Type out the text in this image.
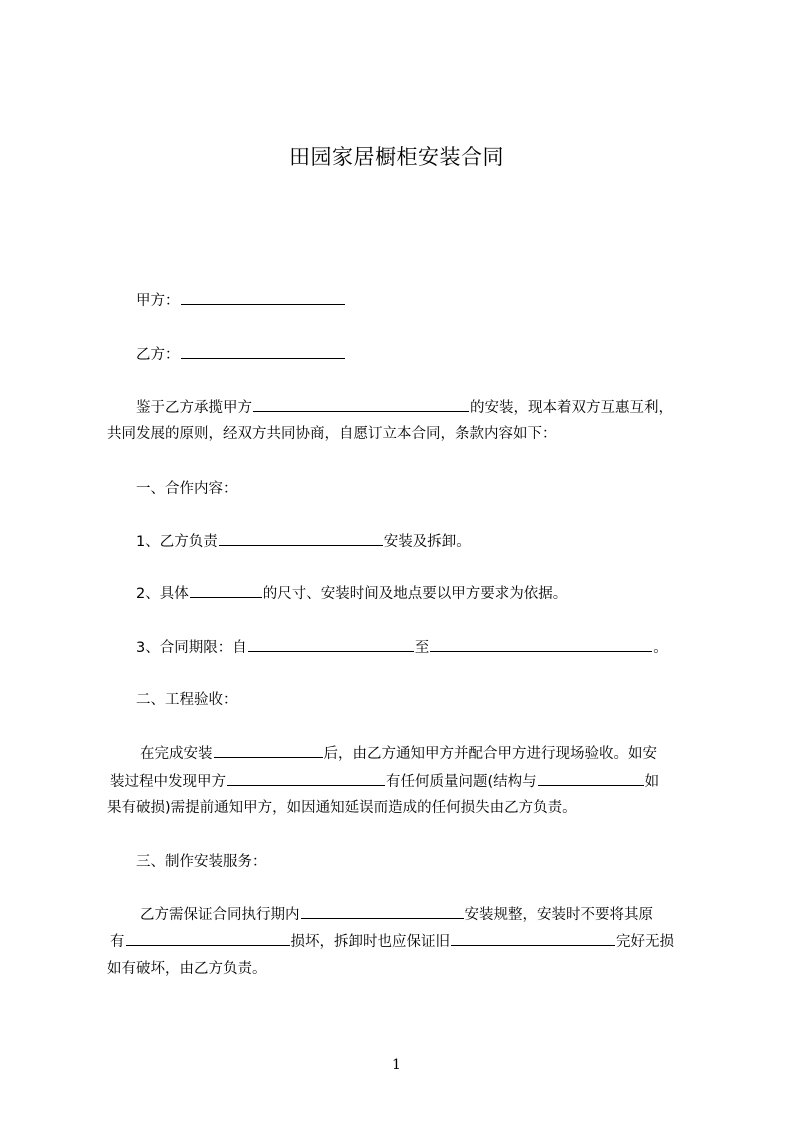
田园家居橱柜安装合同
甲方：
乙方：
鉴于乙方承揽甲方	的安装，现本着双方互惠互利，
共同发展的原则，经双方共同协商，自愿订立本合同，条款内容如下：
一、合作内容：
1、乙方负责	安装及拆卸。
2、具体	的尺寸、安装时间及地点要以甲方要求为依据。
3、合同期限：自	至	。
二、工程验收：
在完成安装	后，由乙方通知甲方并配合甲方进行现场验收。如安
装过程中发现甲方	有任何质量问题(结构与	如
果有破损)需提前通知甲方，如因通知延误而造成的任何损失由乙方负责。
三、制作安装服务：
乙方需保证合同执行期内	安装规整，安装时不要将其原
有	损坏，拆卸时也应保证旧	完好无损
如有破坏，由乙方负责。
1
